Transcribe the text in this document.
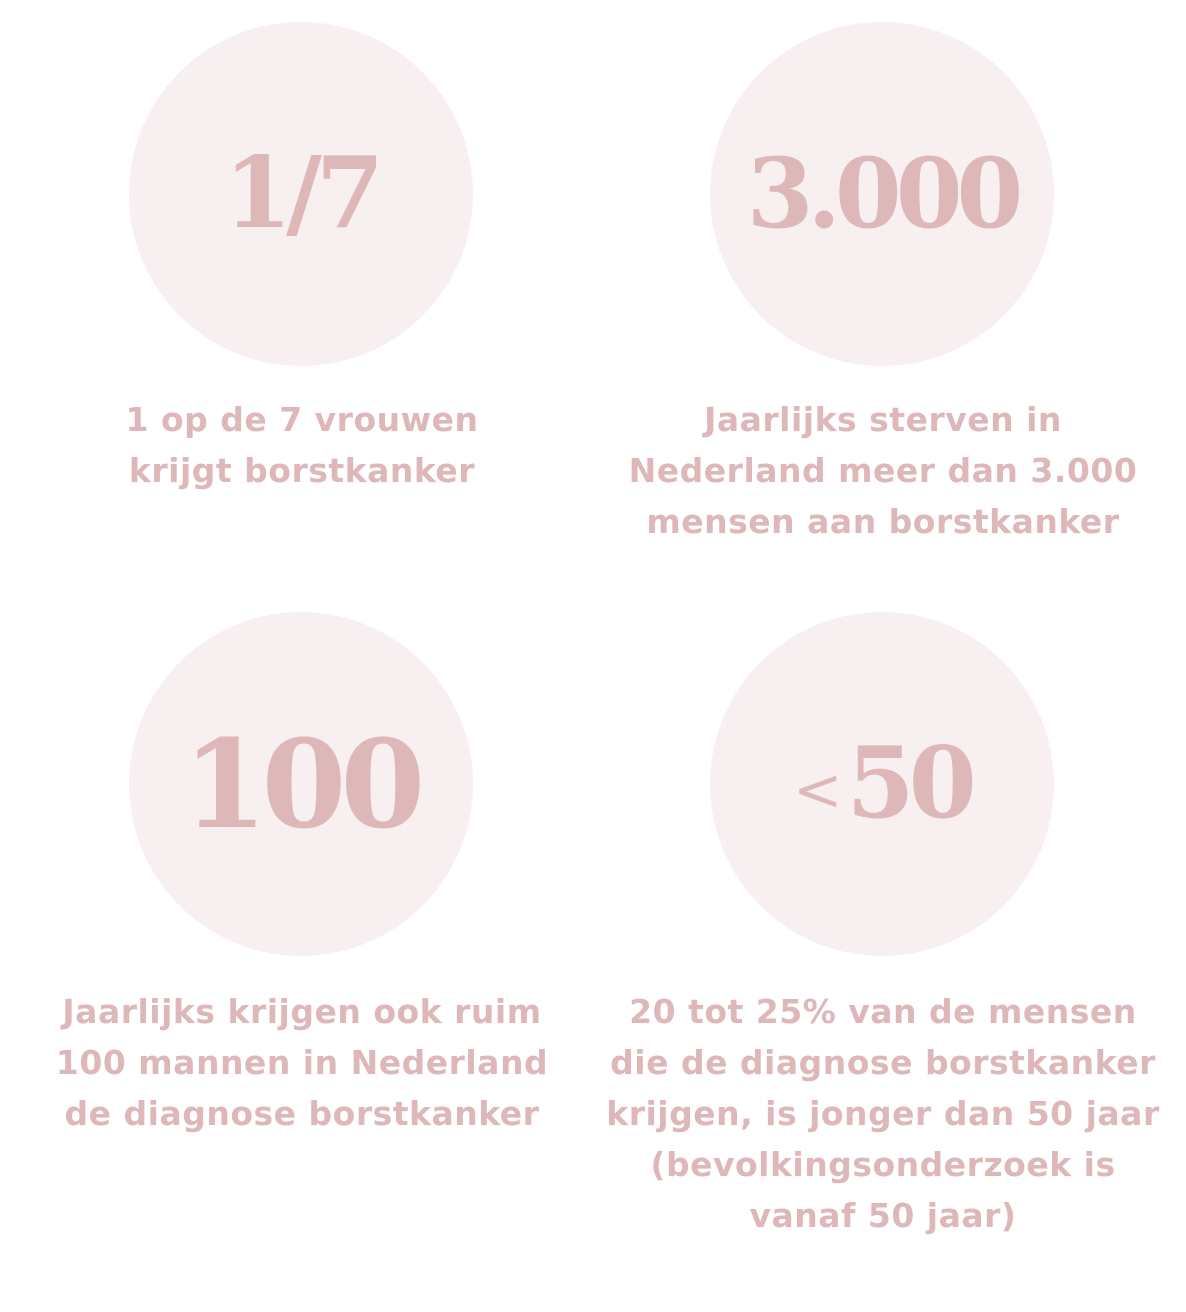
1/7

1 op de 7 vrouwen
krijgt borstkanker

3.000

Jaarlijks sterven in
Nederland meer dan 3.000
mensen aan borstkanker

100

Jaarlijks krijgen ook ruim
100 mannen in Nederland
de diagnose borstkanker

<50

20 tot 25% van de mensen
die de diagnose borstkanker
krijgen, is jonger dan 50 jaar
(bevolkingsonderzoek is
vanaf 50 jaar)
